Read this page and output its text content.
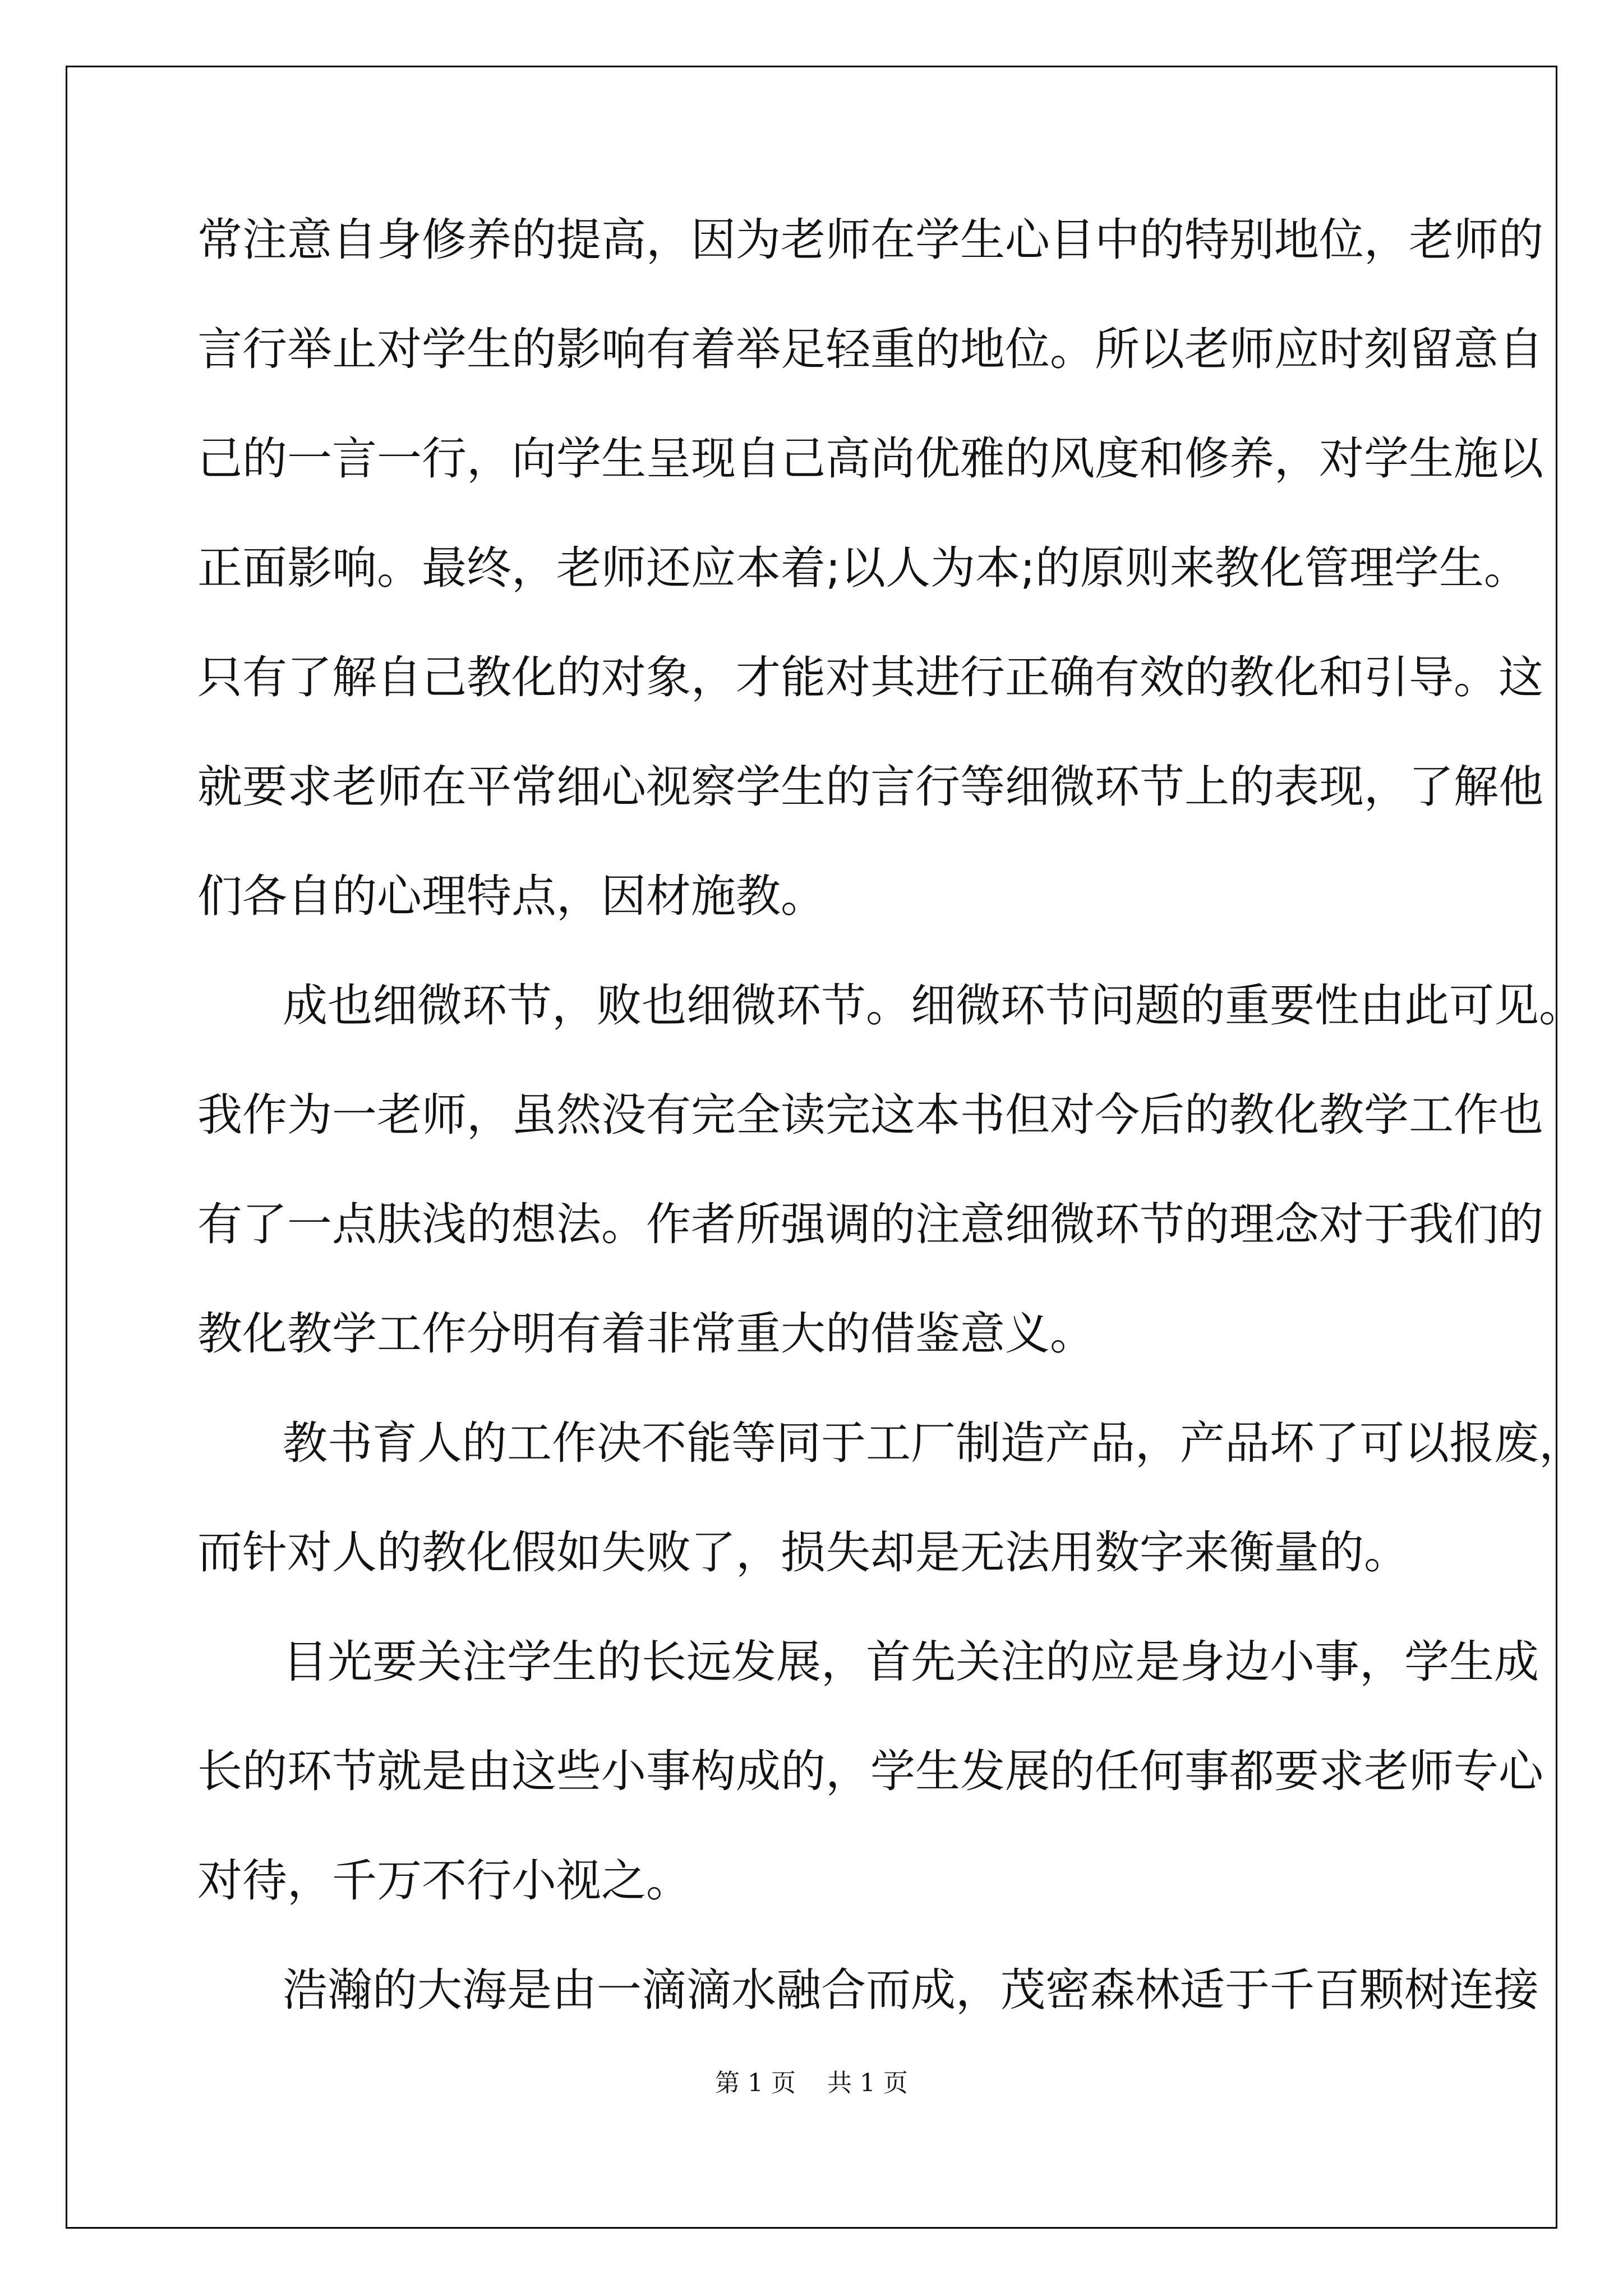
常注意自身修养的提高，因为老师在学生心目中的特别地位，老师的

言行举止对学生的影响有着举足轻重的地位。所以老师应时刻留意自

己的一言一行，向学生呈现自己高尚优雅的风度和修养，对学生施以

正面影响。最终，老师还应本着;以人为本;的原则来教化管理学生。

只有了解自己教化的对象，才能对其进行正确有效的教化和引导。这

就要求老师在平常细心视察学生的言行等细微环节上的表现，了解他

们各自的心理特点，因材施教。

成也细微环节，败也细微环节。细微环节问题的重要性由此可见。

我作为一老师，虽然没有完全读完这本书但对今后的教化教学工作也

有了一点肤浅的想法。作者所强调的注意细微环节的理念对于我们的

教化教学工作分明有着非常重大的借鉴意义。

教书育人的工作决不能等同于工厂制造产品，产品坏了可以报废，

而针对人的教化假如失败了，损失却是无法用数字来衡量的。

目光要关注学生的长远发展，首先关注的应是身边小事，学生成

长的环节就是由这些小事构成的，学生发展的任何事都要求老师专心

对待，千万不行小视之。

浩瀚的大海是由一滴滴水融合而成，茂密森林适于千百颗树连接

第 1 页    共 1 页
